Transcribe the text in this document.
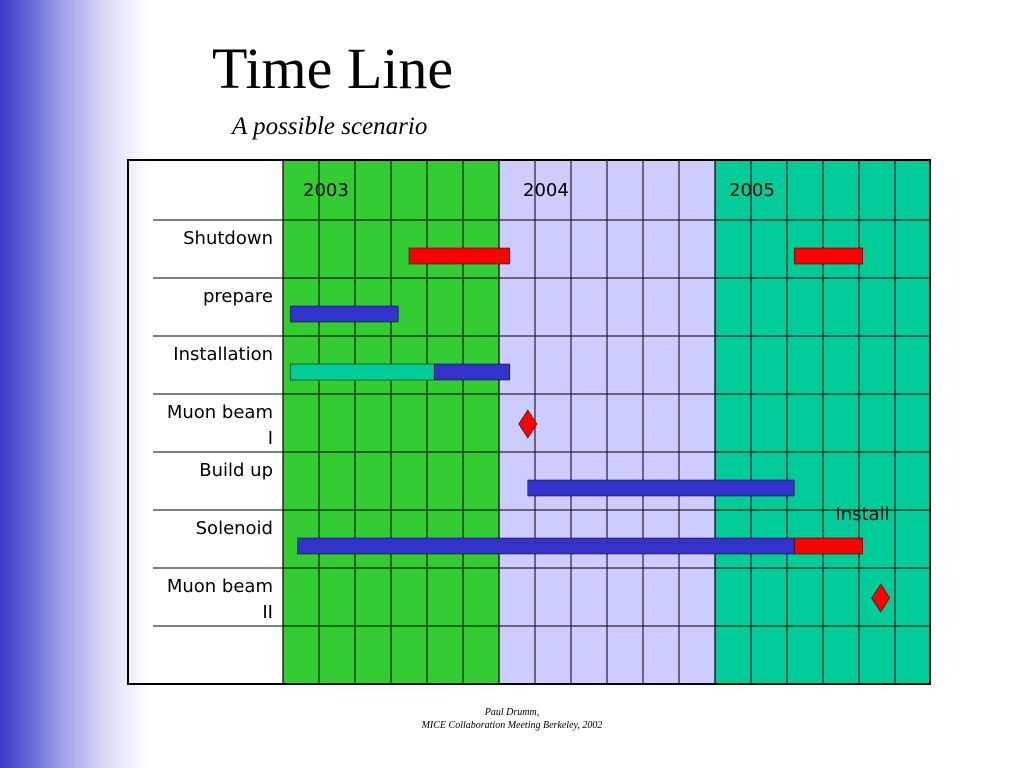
Time Line
A possible scenario
2003	2004	2005
Install
Shutdown
prepare
Installation
Muon beam
I
Build up
Solenoid
Muon beam
II
Paul Drumm,
MICE Collaboration Meeting Berkeley, 2002
